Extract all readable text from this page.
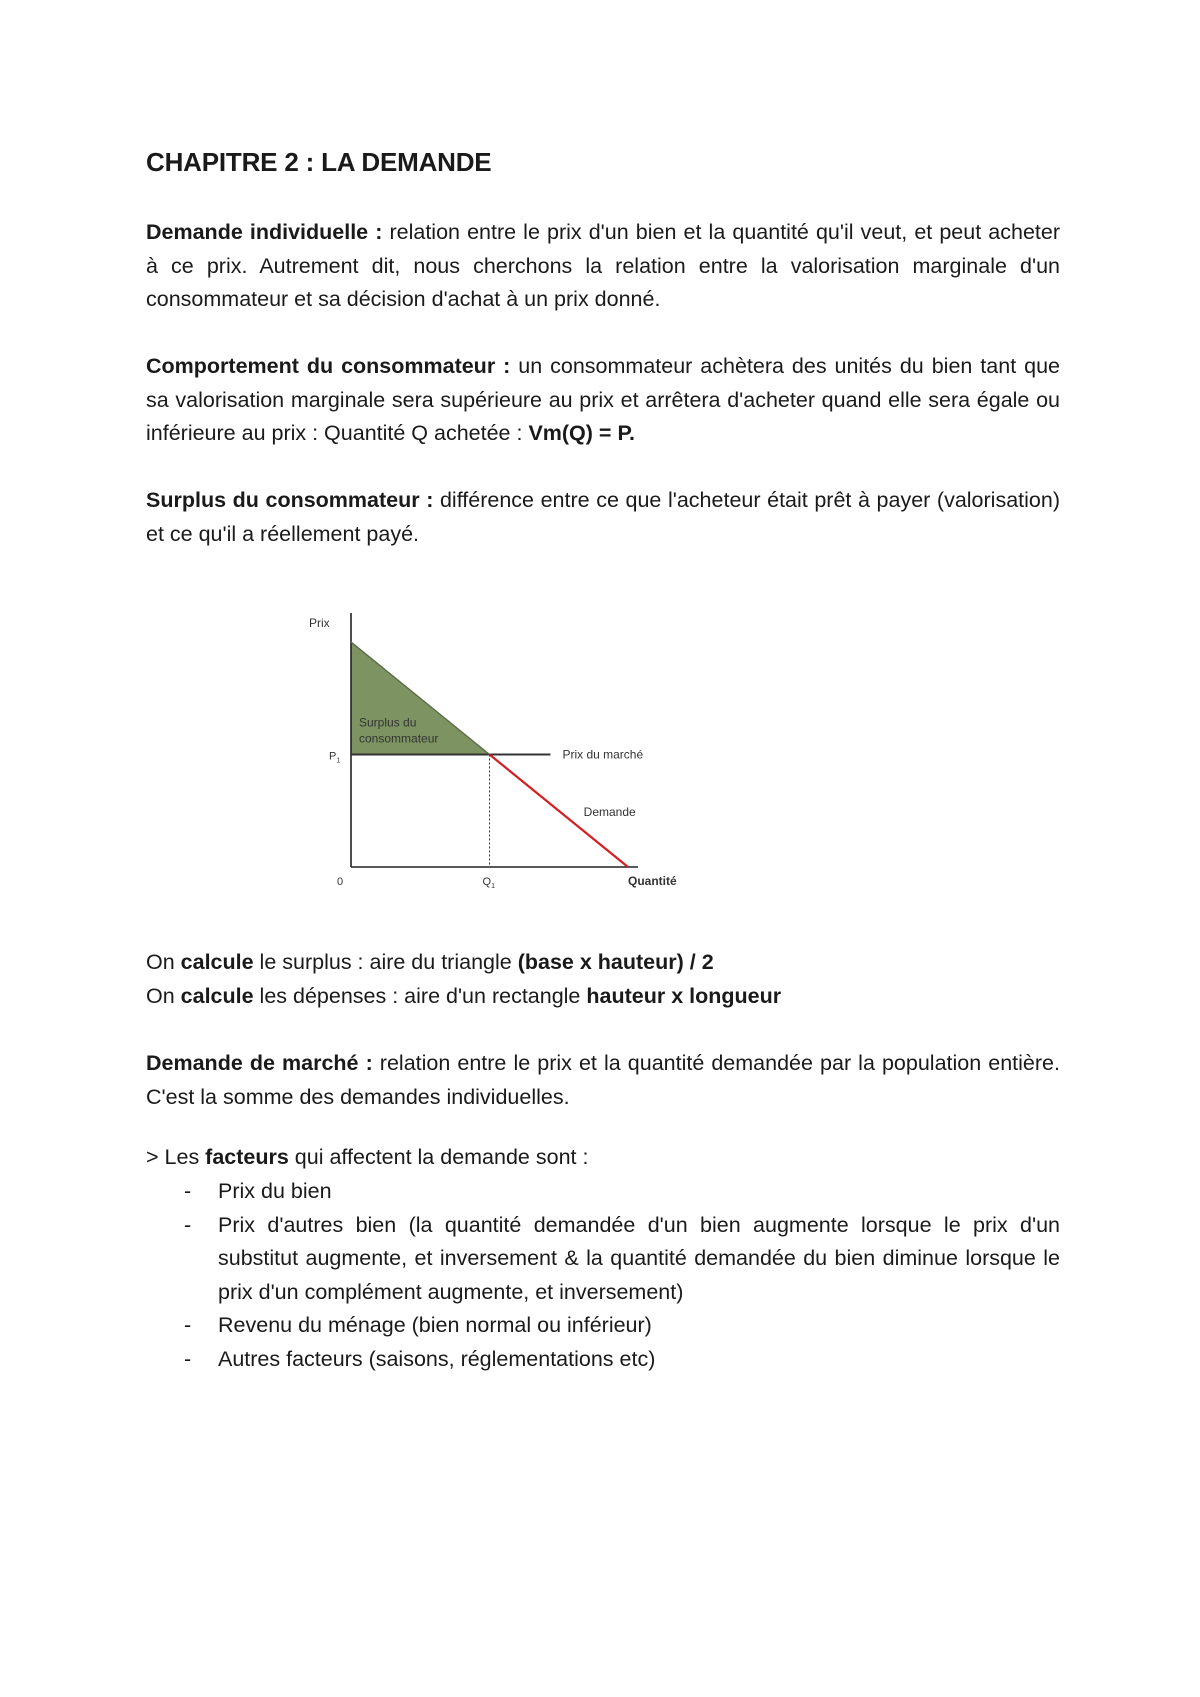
CHAPITRE 2 : LA DEMANDE

Demande individuelle : relation entre le prix d'un bien et la quantité qu'il veut, et peut acheter à ce prix. Autrement dit, nous cherchons la relation entre la valorisation marginale d'un consommateur et sa décision d'achat à un prix donné.

Comportement du consommateur : un consommateur achètera des unités du bien tant que sa valorisation marginale sera supérieure au prix et arrêtera d'acheter quand elle sera égale ou inférieure au prix : Quantité Q achetée : Vm(Q) = P.

Surplus du consommateur : différence entre ce que l'acheteur était prêt à payer (valorisation) et ce qu'il a réellement payé.

Prix
$P_1$
0	$Q_1$	Quantité
Surplus du
consommateur
Prix du marché
Demande

On calcule le surplus : aire du triangle (base x hauteur) / 2

On calcule les dépenses : aire d'un rectangle hauteur x longueur

Demande de marché : relation entre le prix et la quantité demandée par la population entière. C'est la somme des demandes individuelles.

> Les facteurs qui affectent la demande sont :

- Prix du bien
- Prix d'autres bien (la quantité demandée d'un bien augmente lorsque le prix d'un substitut augmente, et inversement & la quantité demandée du bien diminue lorsque le prix d'un complément augmente, et inversement)
- Revenu du ménage (bien normal ou inférieur)
- Autres facteurs (saisons, réglementations etc)
